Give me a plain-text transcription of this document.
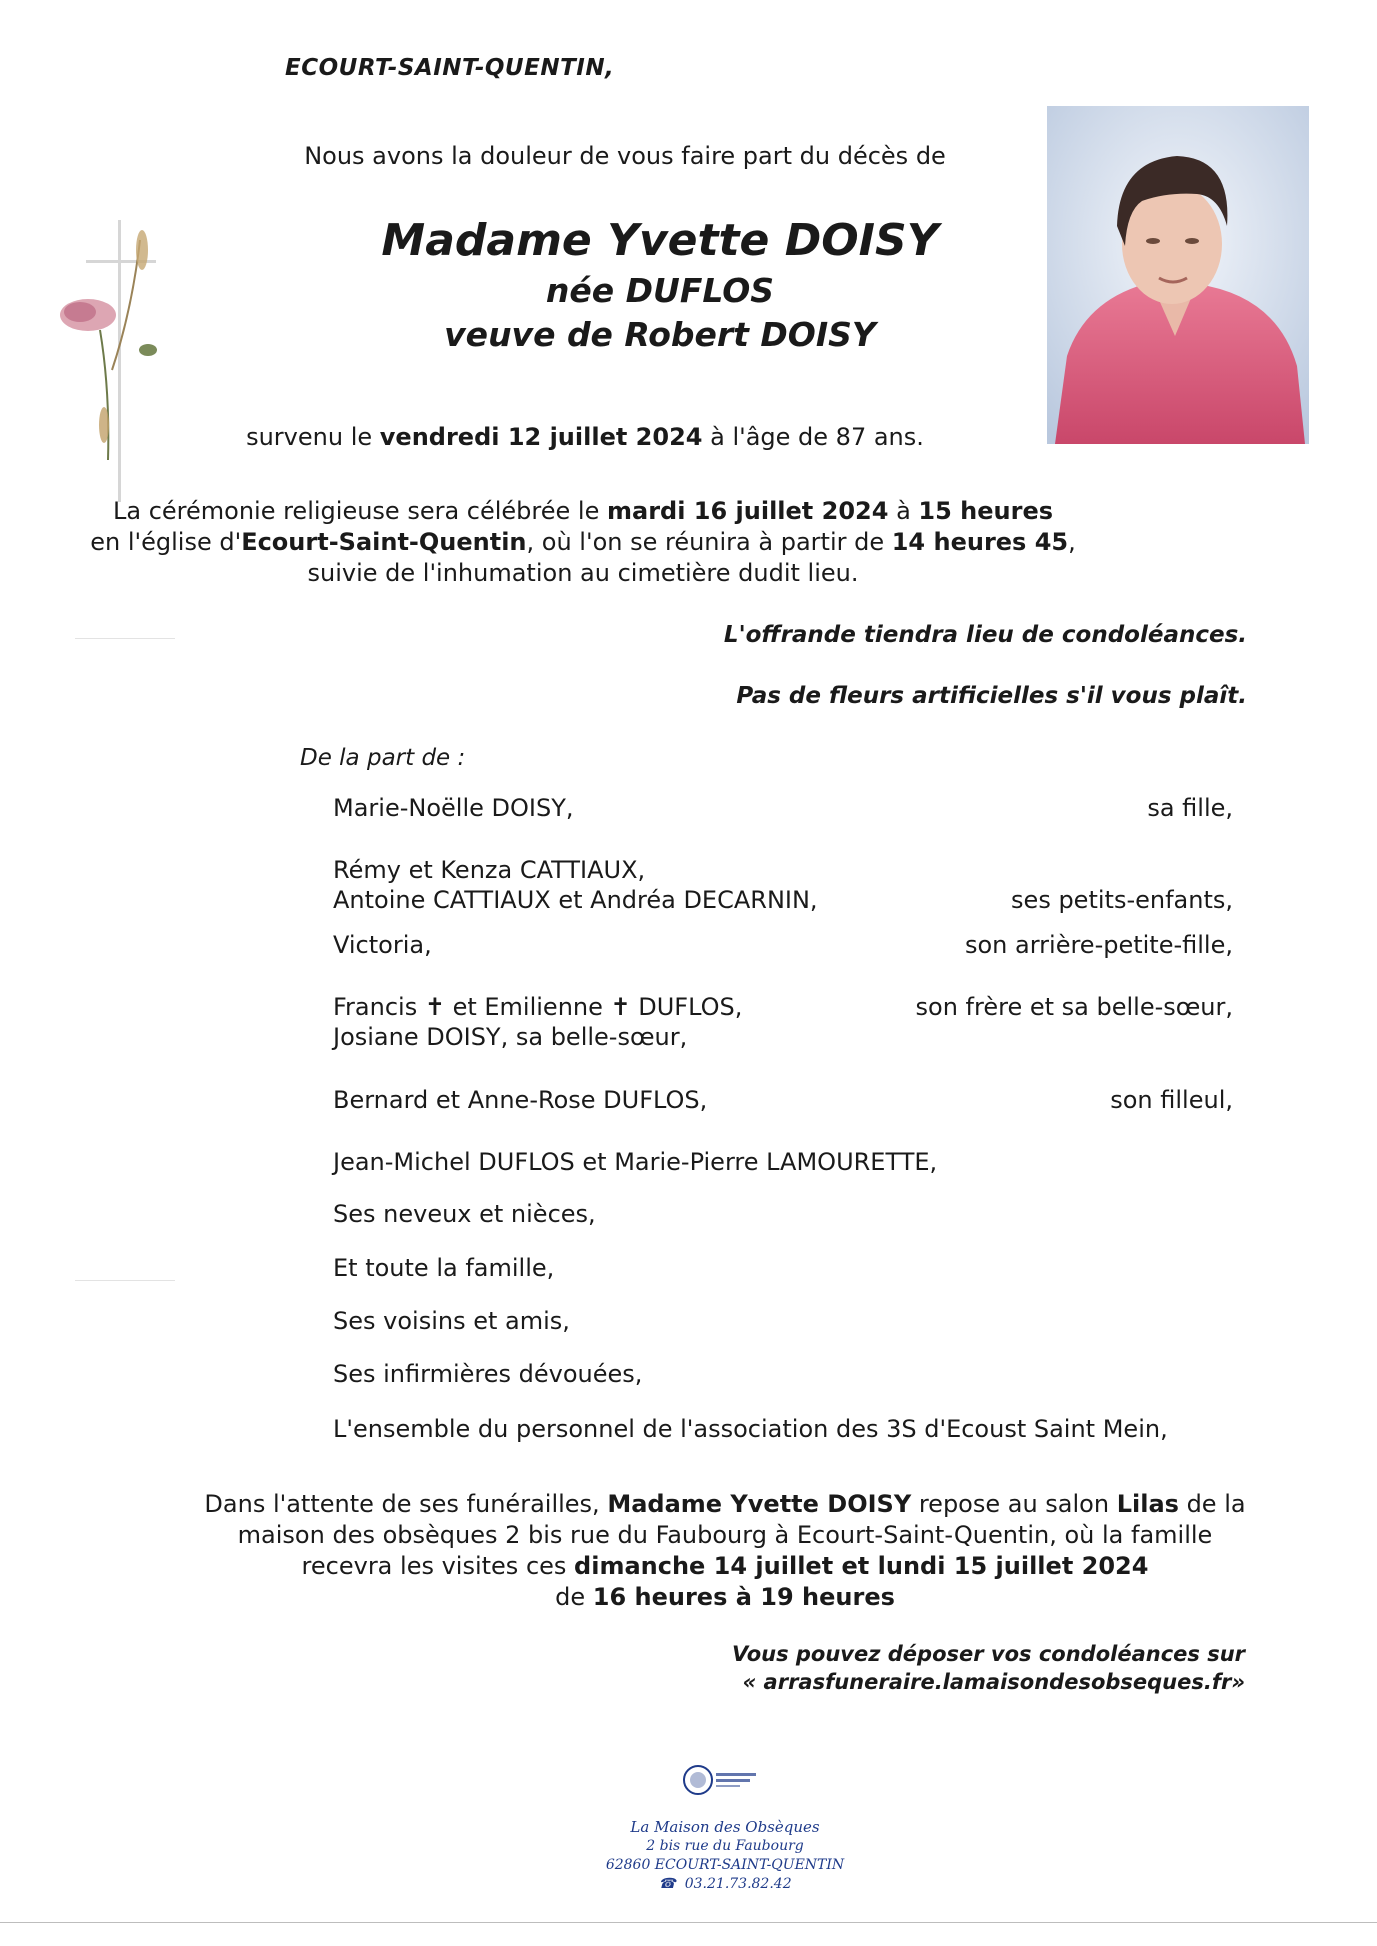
ECOURT-SAINT-QUENTIN,
Nous avons la douleur de vous faire part du décès de
Madame Yvette DOISY
née DUFLOS
veuve de Robert DOISY
survenu le vendredi 12 juillet 2024 à l'âge de 87 ans.
La cérémonie religieuse sera célébrée le mardi 16 juillet 2024 à 15 heures
en l'église d'Ecourt-Saint-Quentin, où l'on se réunira à partir de 14 heures 45,
suivie de l'inhumation au cimetière dudit lieu.
L'offrande tiendra lieu de condoléances.
Pas de fleurs artificielles s'il vous plaît.
De la part de :
Marie-Noëlle DOISY,	sa fille,
Rémy et Kenza CATTIAUX,
Antoine CATTIAUX et Andréa DECARNIN,	ses petits-enfants,
Victoria,	son arrière-petite-fille,
Francis ✝ et Emilienne ✝ DUFLOS,	son frère et sa belle-sœur,
Josiane DOISY, sa belle-sœur,
Bernard et Anne-Rose DUFLOS,	son filleul,
Jean-Michel DUFLOS et Marie-Pierre LAMOURETTE,
Ses neveux et nièces,
Et toute la famille,
Ses voisins et amis,
Ses infirmières dévouées,
L'ensemble du personnel de l'association des 3S d'Ecoust Saint Mein,
Dans l'attente de ses funérailles, Madame Yvette DOISY repose au salon Lilas de la
maison des obsèques 2 bis rue du Faubourg à Ecourt-Saint-Quentin, où la famille
recevra les visites ces dimanche 14 juillet et lundi 15 juillet 2024
de 16 heures à 19 heures
Vous pouvez déposer vos condoléances sur
« arrasfuneraire.lamaisondesobseques.fr»
La Maison des Obsèques
2 bis rue du Faubourg
62860 ECOURT-SAINT-QUENTIN
☎ 03.21.73.82.42
